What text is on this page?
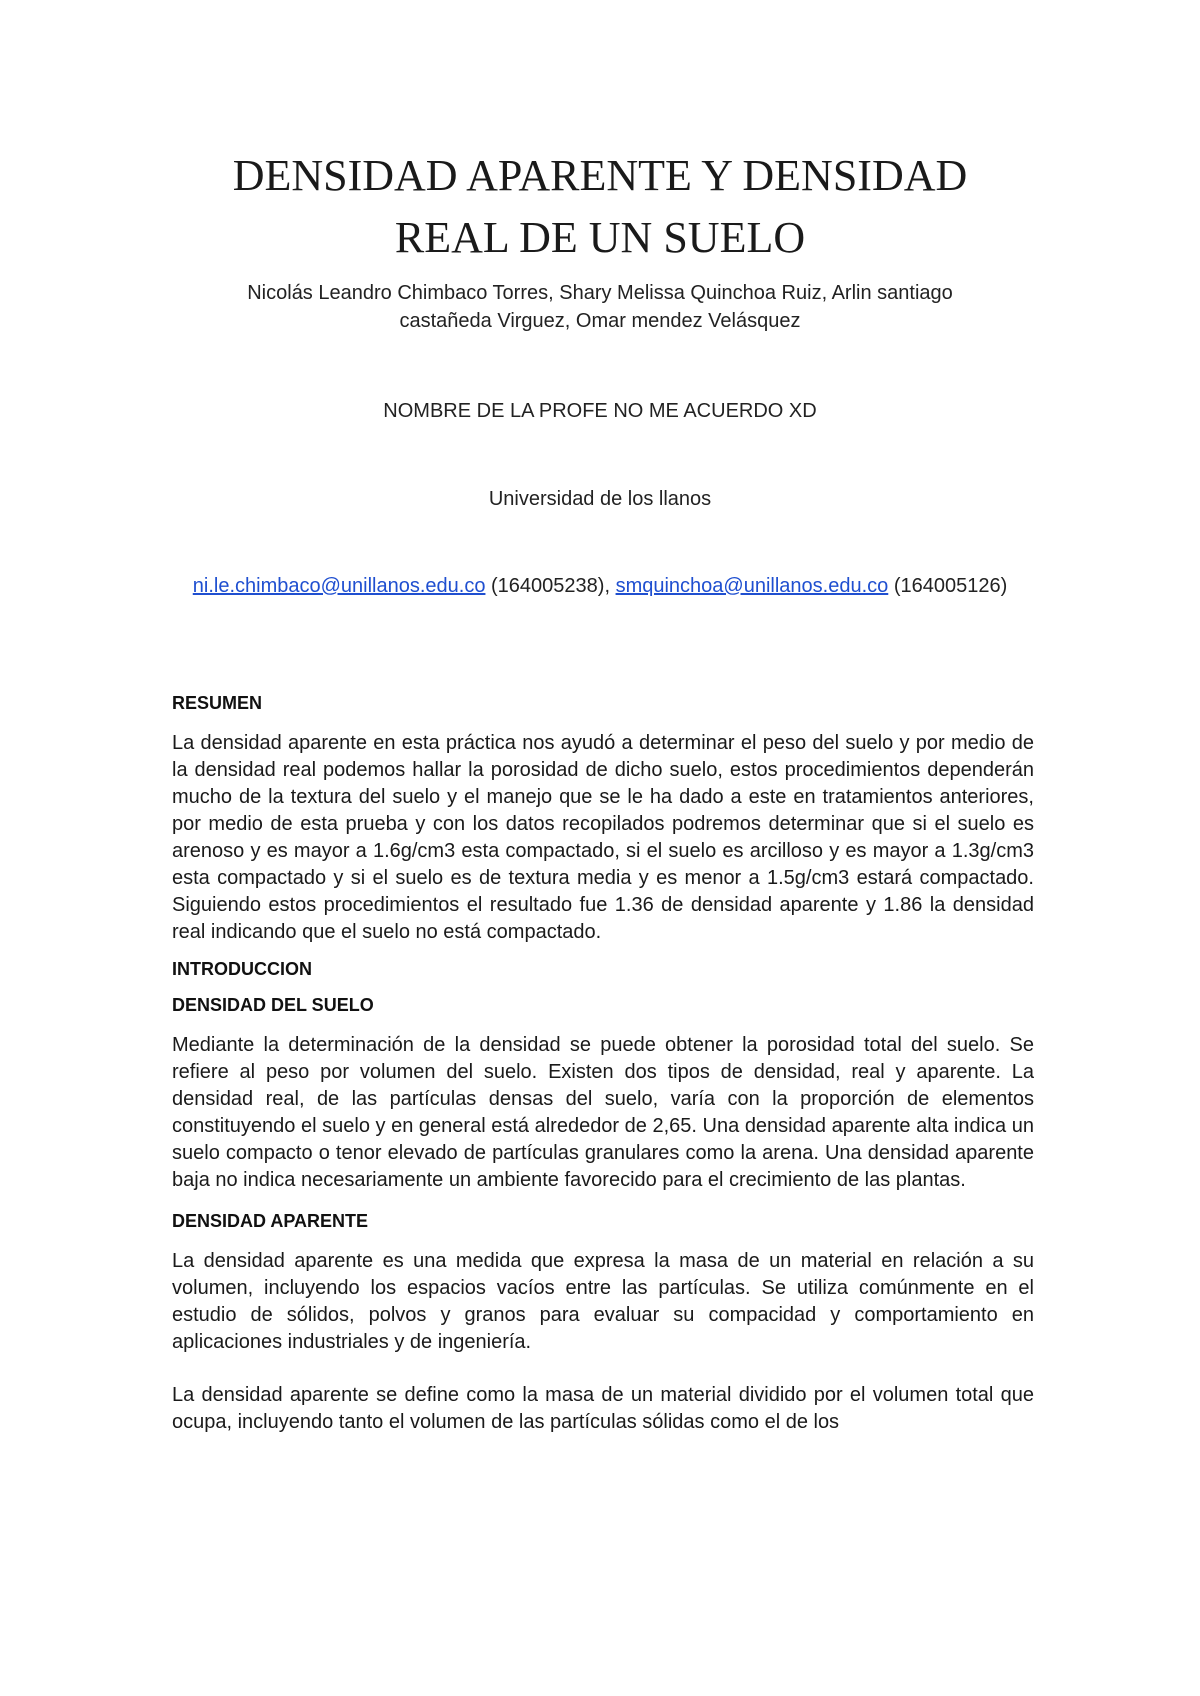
DENSIDAD APARENTE Y DENSIDAD
REAL DE UN SUELO
Nicolás Leandro Chimbaco Torres, Shary Melissa Quinchoa Ruiz, Arlin santiago
castañeda Virguez, Omar mendez Velásquez
NOMBRE DE LA PROFE NO ME ACUERDO XD
Universidad de los llanos
ni.le.chimbaco@unillanos.edu.co (164005238), smquinchoa@unillanos.edu.co (164005126)
RESUMEN

La densidad aparente en esta práctica nos ayudó a determinar el peso del suelo y por medio de la densidad real podemos hallar la porosidad de dicho suelo, estos procedimientos dependerán mucho de la textura del suelo y el manejo que se le ha dado a este en tratamientos anteriores, por medio de esta prueba y con los datos recopilados podremos determinar que si el suelo es arenoso y es mayor a 1.6g/cm3 esta compactado, si el suelo es arcilloso y es mayor a 1.3g/cm3 esta compactado y si el suelo es de textura media y es menor a 1.5g/cm3 estará compactado. Siguiendo estos procedimientos el resultado fue 1.36 de densidad aparente y 1.86 la densidad real indicando que el suelo no está compactado.

INTRODUCCION
DENSIDAD DEL SUELO

Mediante la determinación de la densidad se puede obtener la porosidad total del suelo. Se refiere al peso por volumen del suelo. Existen dos tipos de densidad, real y aparente. La densidad real, de las partículas densas del suelo, varía con la proporción de elementos constituyendo el suelo y en general está alrededor de 2,65. Una densidad aparente alta indica un suelo compacto o tenor elevado de partículas granulares como la arena. Una densidad aparente baja no indica necesariamente un ambiente favorecido para el crecimiento de las plantas.

DENSIDAD APARENTE

La densidad aparente es una medida que expresa la masa de un material en relación a su volumen, incluyendo los espacios vacíos entre las partículas. Se utiliza comúnmente en el estudio de sólidos, polvos y granos para evaluar su compacidad y comportamiento en aplicaciones industriales y de ingeniería.

La densidad aparente se define como la masa de un material dividido por el volumen total que ocupa, incluyendo tanto el volumen de las partículas sólidas como el de los
